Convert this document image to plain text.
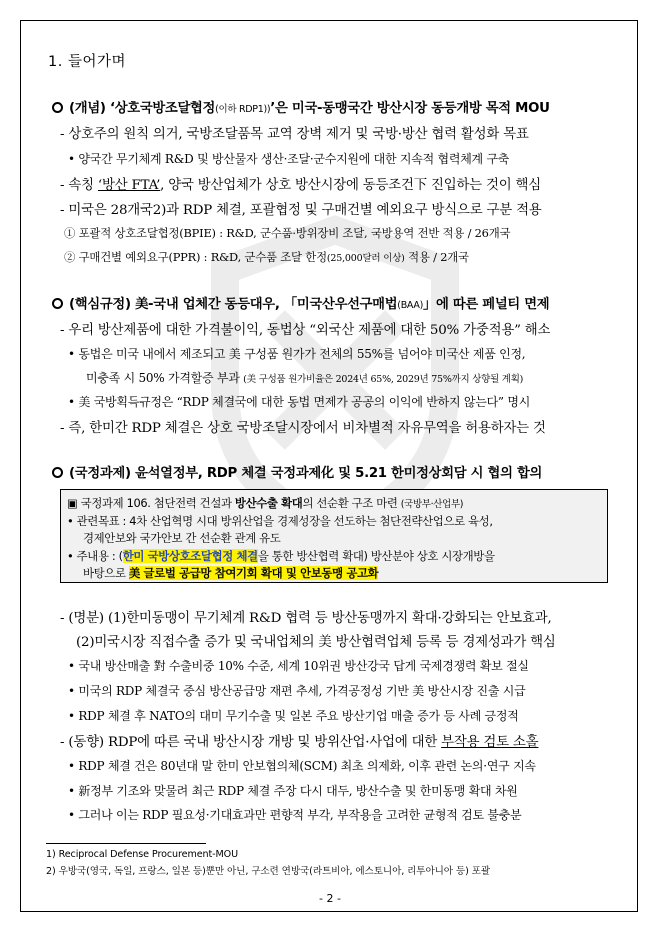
1. 들어가며
(개념) ‘상호국방조달협정(이하 RDP1))’은 미국-동맹국간 방산시장 동등개방 목적 MOU
- 상호주의 원칙 의거, 국방조달품목 교역 장벽 제거 및 국방·방산 협력 활성화 목표
• 양국간 무기체계 R&D 및 방산물자 생산·조달·군수지원에 대한 지속적 협력체계 구축
- 속칭 ‘방산 FTA’, 양국 방산업체가 상호 방산시장에 동등조건下 진입하는 것이 핵심
- 미국은 28개국2)과 RDP 체결, 포괄협정 및 구매건별 예외요구 방식으로 구분 적용
① 포괄적 상호조달협정(BPIE) : R&D, 군수품·방위장비 조달, 국방용역 전반 적용 / 26개국
② 구매건별 예외요구(PPR) : R&D, 군수품 조달 한정(25,000달러 이상) 적용 / 2개국
(핵심규정) 美-국내 업체간 동등대우, 「미국산우선구매법(BAA)」에 따른 페널티 면제
- 우리 방산제품에 대한 가격불이익, 동법상 “외국산 제품에 대한 50% 가중적용” 해소
• 동법은 미국 내에서 제조되고 美 구성품 원가가 전체의 55%를 넘어야 미국산 제품 인정,
미충족 시 50% 가격할증 부과 (美 구성품 원가비율은 2024년 65%, 2029년 75%까지 상향될 계획)
• 美 국방획득규정은 “RDP 체결국에 대한 동법 면제가 공공의 이익에 반하지 않는다” 명시
- 즉, 한미간 RDP 체결은 상호 국방조달시장에서 비차별적 자유무역을 허용하자는 것
(국정과제) 윤석열정부, RDP 체결 국정과제化 및 5.21 한미정상회담 시 협의 합의
▣ 국정과제 106. 첨단전력 건설과 방산수출 확대의 선순환 구조 마련 (국방부·산업부)
• 관련목표 : 4차 산업혁명 시대 방위산업을 경제성장을 선도하는 첨단전략산업으로 육성,
경제안보와 국가안보 간 선순환 관계 유도
• 주내용 : (한미 국방상호조달협정 체결을 통한 방산협력 확대) 방산분야 상호 시장개방을
바탕으로 美 글로벌 공급망 참여기회 확대 및 안보동맹 공고화
- (명분) (1)한미동맹이 무기체계 R&D 협력 등 방산동맹까지 확대·강화되는 안보효과,
(2)미국시장 직접수출 증가 및 국내업체의 美 방산협력업체 등록 등 경제성과가 핵심
• 국내 방산매출 對 수출비중 10% 수준, 세계 10위권 방산강국 답게 국제경쟁력 확보 절실
• 미국의 RDP 체결국 중심 방산공급망 재편 추세, 가격공정성 기반 美 방산시장 진출 시급
• RDP 체결 후 NATO의 대미 무기수출 및 일본 주요 방산기업 매출 증가 등 사례 긍정적
- (동향) RDP에 따른 국내 방산시장 개방 및 방위산업·사업에 대한 부작용 검토 소홀
• RDP 체결 건은 80년대 말 한미 안보협의체(SCM) 최초 의제화, 이후 관련 논의·연구 지속
• 新정부 기조와 맞물려 최근 RDP 체결 주장 다시 대두, 방산수출 및 한미동맹 확대 차원
• 그러나 이는 RDP 필요성·기대효과만 편향적 부각, 부작용을 고려한 균형적 검토 불충분
1) Reciprocal Defense Procurement-MOU
2) 우방국(영국, 독일, 프랑스, 일본 등)뿐만 아닌, 구소련 연방국(라트비아, 에스토니아, 리투아니아 등) 포괄
- 2 -
